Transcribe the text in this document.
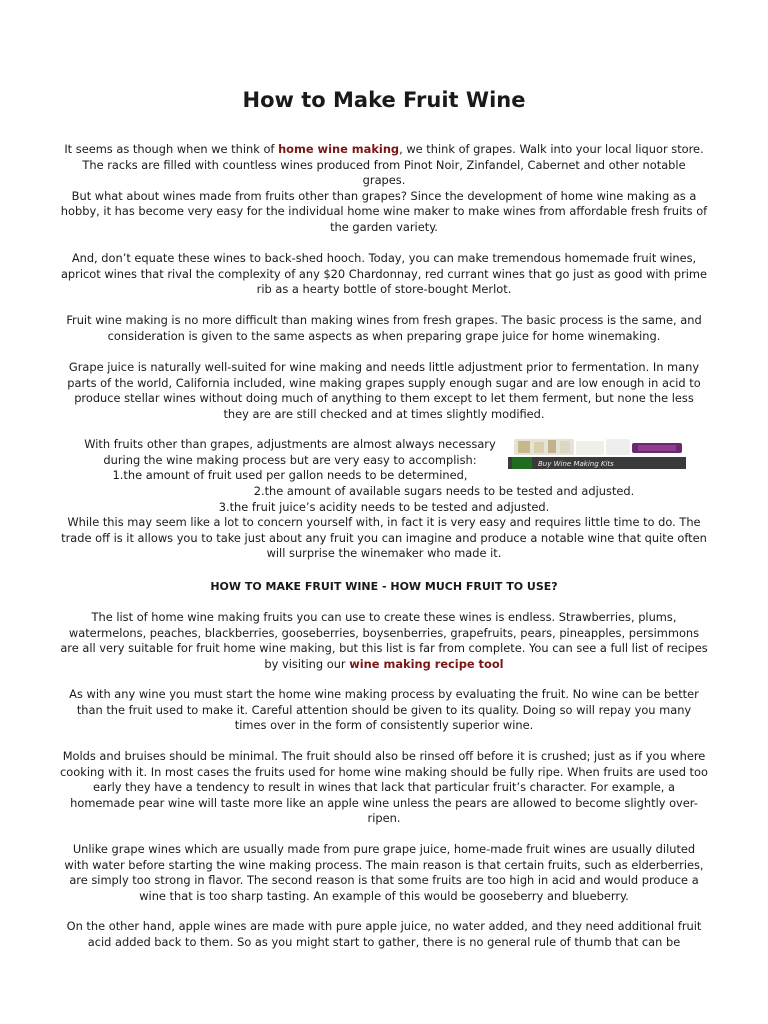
How to Make Fruit Wine

It seems as though when we think of home wine making, we think of grapes. Walk into your local liquor store. The racks are filled with countless wines produced from Pinot Noir, Zinfandel, Cabernet and other notable grapes.

But what about wines made from fruits other than grapes? Since the development of home wine making as a hobby, it has become very easy for the individual home wine maker to make wines from affordable fresh fruits of the garden variety.

And, don’t equate these wines to back-shed hooch. Today, you can make tremendous homemade fruit wines, apricot wines that rival the complexity of any $20 Chardonnay, red currant wines that go just as good with prime rib as a hearty bottle of store-bought Merlot.

Fruit wine making is no more difficult than making wines from fresh grapes. The basic process is the same, and consideration is given to the same aspects as when preparing grape juice for home winemaking.

Grape juice is naturally well-suited for wine making and needs little adjustment prior to fermentation. In many parts of the world, California included, wine making grapes supply enough sugar and are low enough in acid to produce stellar wines without doing much of anything to them except to let them ferment, but none the less they are are still checked and at times slightly modified.

With fruits other than grapes, adjustments are almost always necessary

during the wine making process but are very easy to accomplish:

1.the amount of fruit used per gallon needs to be determined,

Buy Wine Making Kits

2.the amount of available sugars needs to be tested and adjusted.

3.the fruit juice’s acidity needs to be tested and adjusted.

While this may seem like a lot to concern yourself with, in fact it is very easy and requires little time to do. The trade off is it allows you to take just about any fruit you can imagine and produce a notable wine that quite often will surprise the winemaker who made it.

HOW TO MAKE FRUIT WINE - HOW MUCH FRUIT TO USE?

The list of home wine making fruits you can use to create these wines is endless. Strawberries, plums, watermelons, peaches, blackberries, gooseberries, boysenberries, grapefruits, pears, pineapples, persimmons are all very suitable for fruit home wine making, but this list is far from complete. You can see a full list of recipes by visiting our wine making recipe tool

As with any wine you must start the home wine making process by evaluating the fruit. No wine can be better than the fruit used to make it. Careful attention should be given to its quality. Doing so will repay you many times over in the form of consistently superior wine.

Molds and bruises should be minimal. The fruit should also be rinsed off before it is crushed; just as if you where cooking with it. In most cases the fruits used for home wine making should be fully ripe. When fruits are used too early they have a tendency to result in wines that lack that particular fruit’s character. For example, a homemade pear wine will taste more like an apple wine unless the pears are allowed to become slightly over-ripen.

Unlike grape wines which are usually made from pure grape juice, home-made fruit wines are usually diluted with water before starting the wine making process. The main reason is that certain fruits, such as elderberries, are simply too strong in flavor. The second reason is that some fruits are too high in acid and would produce a wine that is too sharp tasting. An example of this would be gooseberry and blueberry.

On the other hand, apple wines are made with pure apple juice, no water added, and they need additional fruit acid added back to them. So as you might start to gather, there is no general rule of thumb that can be
